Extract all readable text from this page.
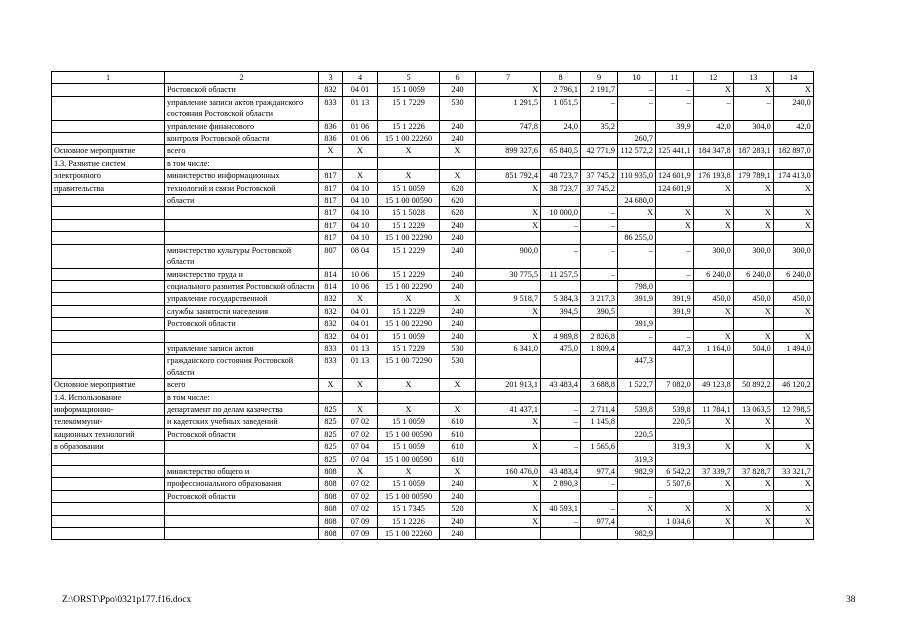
1	2	3	4	5	6	7	8	9	10	11	12	13	14
	Ростовской области	832	04 01	15 1 0059	240	X	2 796,1	2 191,7	–	–	X	X	X
	управление записи актов гражданского состояния Ростовской области	833	01 13	15 1 7229	530	1 291,5	1 051,5	–	–	–	–	–	240,0
	управление финансового	836	01 06	15 1 2226	240	747,8	24,0	35,2		39,9	42,0	304,0	42,0
	контроля Ростовской области	836	01 06	15 1 00 22260	240				260,7				
Основное мероприятие	всего	X	X	X	X	899 327,6	65 840,5	42 771,9	112 572,2	125 441,1	184 347,8	187 283,1	182 897,0
1.3. Развитие систем	в том числе:												
электронного	министерство информационных	817	X	X	X	851 792,4	48 723,7	37 745,2	110 935,0	124 601,9	176 193,8	179 789,1	174 413,0
правительства	технологий и связи Ростовской	817	04 10	15 1 0059	620	X	38 723,7	37 745,2		124 601,9	X	X	X
	области	817	04 10	15 1 00 00590	620				24 680,0				
		817	04 10	15 1 5028	620	X	10 000,0	–	X	X	X	X	X
		817	04 10	15 1 2229	240	X	–	–		X	X	X	X
		817	04 10	15 1 00 22290	240				86 255,0				
	министерство культуры Ростовской области	807	08 04	15 1 2229	240	900,0	–	–	–	–	300,0	300,0	300,0
	министерство труда и	814	10 06	15 1 2229	240	30 775,5	11 257,5	–		–	6 240,0	6 240,0	6 240,0
	социального развития Ростовской области	814	10 06	15 1 00 22290	240				798,0				
	управление государственной	832	X	X	X	9 518,7	5 384,3	3 217,3	391,9	391,9	450,0	450,0	450,0
	службы занятости населения	832	04 01	15 1 2229	240	X	394,5	390,5		391,9	X	X	X
	Ростовской области	832	04 01	15 1 00 22290	240				391,9				
		832	04 01	15 1 0059	240	X	4 989,8	2 826,8	–	–	X	X	X
	управление записи актов	833	01 13	15 1 7229	530	6 341,0	475,0	1 809,4		447,3	1 164,0	504,0	1 494,0
	гражданского состояния Ростовской области	833	01 13	15 1 00 72290	530				447,3				
Основное мероприятие	всего	X	X	X	X	201 913,1	43 483,4	3 688,8	1 522,7	7 082,0	49 123,8	50 892,2	46 120,2
1.4. Использование	в том числе:												
информационно-	департамент по делам казачества	825	X	X	X	41 437,1	–	2 711,4	539,8	539,8	11 784,1	13 063,5	12 798,5
телекоммуни-	и кадетских учебных заведений	825	07 02	15 1 0059	610	X	–	1 145,8		220,5	X	X	X
кационных технологий	Ростовской области	825	07 02	15 1 00 00590	610				220,5				
в образовании		825	07 04	15 1 0059	610	X	–	1 565,6		319,3	X	X	X
		825	07 04	15 1 00 00590	610				319,3				
	министерство общего и	808	X	X	X	160 476,0	43 483,4	977,4	982,9	6 542,2	37 339,7	37 828,7	33 321,7
	профессионального образования	808	07 02	15 1 0059	240	X	2 890,3	–		5 507,6	X	X	X
	Ростовской области	808	07 02	15 1 00 00590	240				–				
		808	07 02	15 1 7345	520	X	40 593,1	–	X	X	X	X	X
		808	07 09	15 1 2226	240	X	–	977,4		1 034,6	X	X	X
		808	07 09	15 1 00 22260	240				982,9				
Z:\ORST\Ppo\0321p177.f16.docx	38
